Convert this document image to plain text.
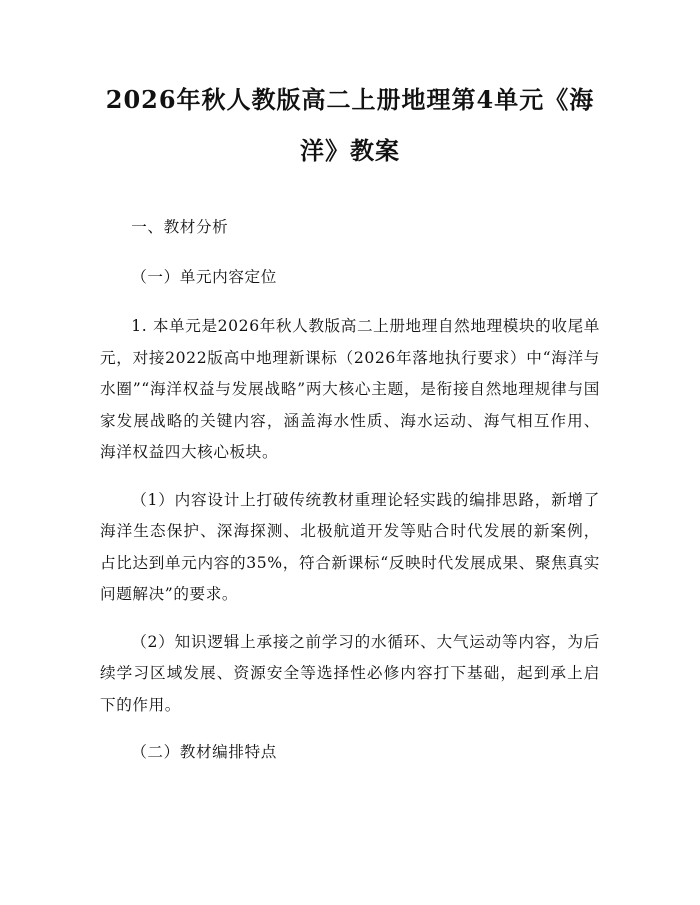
2026年秋人教版高二上册地理第4单元《海洋》教案

一、教材分析

（一）单元内容定位

1. 本单元是2026年秋人教版高二上册地理自然地理模块的收尾单元，对接2022版高中地理新课标（2026年落地执行要求）中“海洋与水圈”“海洋权益与发展战略”两大核心主题，是衔接自然地理规律与国家发展战略的关键内容，涵盖海水性质、海水运动、海气相互作用、海洋权益四大核心板块。

（1）内容设计上打破传统教材重理论轻实践的编排思路，新增了海洋生态保护、深海探测、北极航道开发等贴合时代发展的新案例，占比达到单元内容的35%，符合新课标“反映时代发展成果、聚焦真实问题解决”的要求。

（2）知识逻辑上承接之前学习的水循环、大气运动等内容，为后续学习区域发展、资源安全等选择性必修内容打下基础，起到承上启下的作用。

（二）教材编排特点
